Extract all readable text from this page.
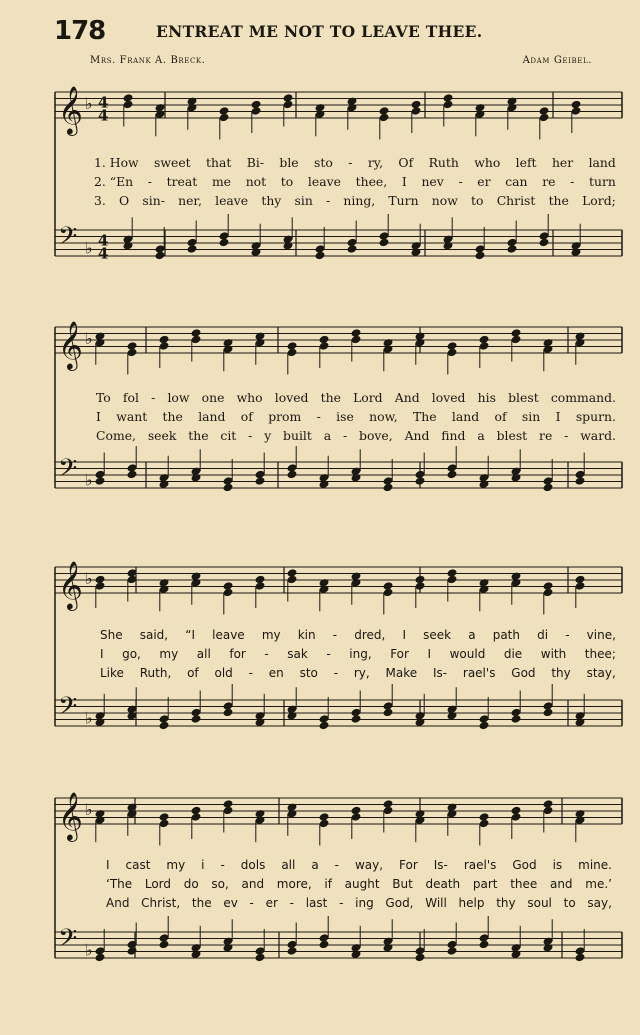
178	ENTREAT ME NOT TO LEAVE THEE.
Mrs. Frank A. Breck.	Adam Geibel.
𝄞 ♭ 4
4
𝄢 ♭ 4
4
𝄞 ♭
𝄢 ♭
𝄞 ♭
𝄢 ♭
𝄞 ♭
𝄢 ♭
1. How sweet that Bi- ble sto - ry, Of Ruth who left her land
2. “En - treat me not to leave thee, I nev - er can re - turn
3. O sin- ner, leave thy sin - ning, Turn now to Christ the Lord;
To fol - low one who loved the Lord And loved his blest command.
I want the land of prom - ise now, The land of sin I spurn.
Come, seek the cit - y built a - bove, And find a blest re - ward.
She said, “I leave my kin - dred, I seek a path di - vine,
I go, my all for - sak - ing, For I would die with thee;
Like Ruth, of old - en sto - ry, Make Is- rael's God thy stay,
I cast my i - dols all a - way, For Is- rael's God is mine.
‘The Lord do so, and more, if aught But death part thee and me.’
And Christ, the ev - er - last - ing God, Will help thy soul to say,
